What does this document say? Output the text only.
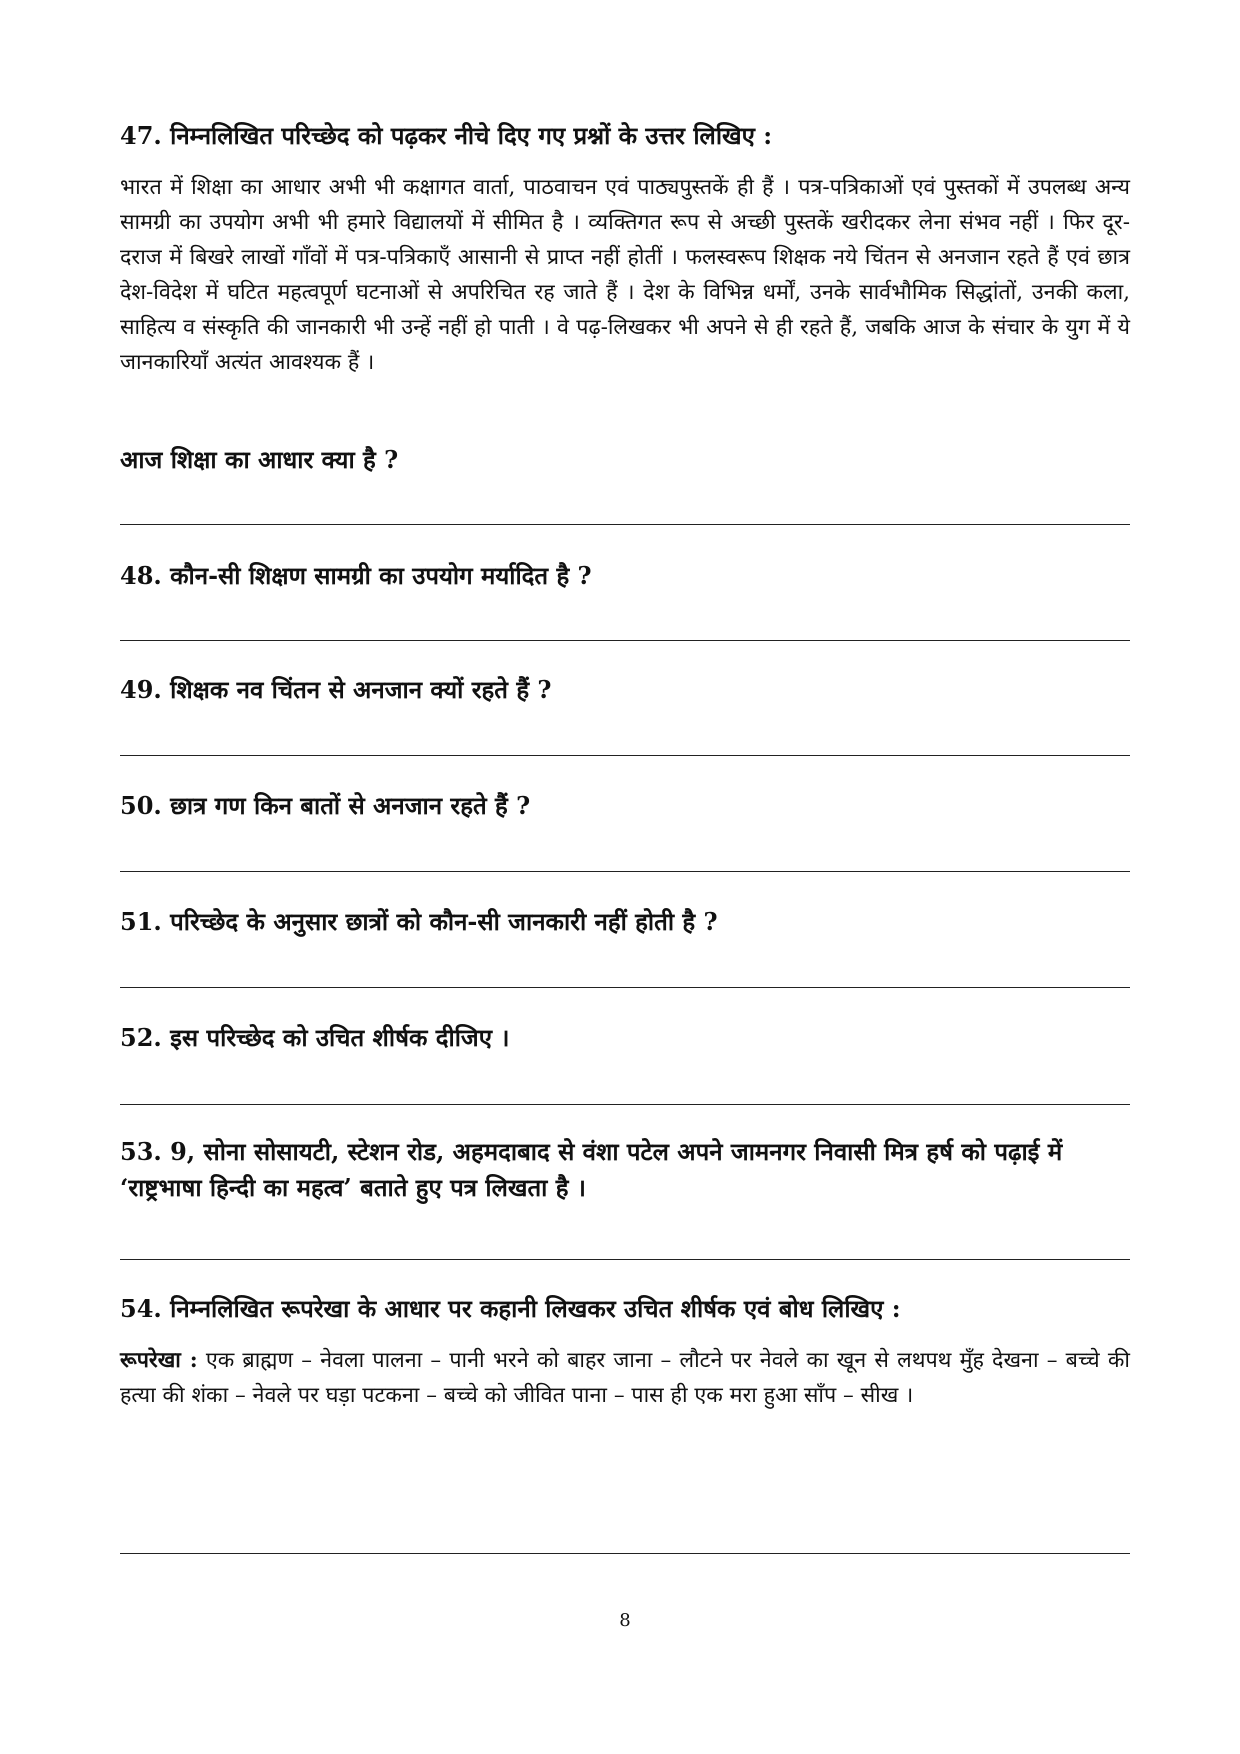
47. निम्नलिखित परिच्छेद को पढ़कर नीचे दिए गए प्रश्नों के उत्तर लिखिए :
भारत में शिक्षा का आधार अभी भी कक्षागत वार्ता, पाठवाचन एवं पाठ्यपुस्तकें ही हैं । पत्र-पत्रिकाओं एवं पुस्तकों में उपलब्ध अन्य सामग्री का उपयोग अभी भी हमारे विद्यालयों में सीमित है । व्यक्तिगत रूप से अच्छी पुस्तकें खरीदकर लेना संभव नहीं । फिर दूर-दराज में बिखरे लाखों गाँवों में पत्र-पत्रिकाएँ आसानी से प्राप्त नहीं होतीं । फलस्वरूप शिक्षक नये चिंतन से अनजान रहते हैं एवं छात्र देश-विदेश में घटित महत्वपूर्ण घटनाओं से अपरिचित रह जाते हैं । देश के विभिन्न धर्मों, उनके सार्वभौमिक सिद्धांतों, उनकी कला, साहित्य व संस्कृति की जानकारी भी उन्हें नहीं हो पाती । वे पढ़-लिखकर भी अपने से ही रहते हैं, जबकि आज के संचार के युग में ये जानकारियाँ अत्यंत आवश्यक हैं ।
आज शिक्षा का आधार क्या है ?
48. कौन-सी शिक्षण सामग्री का उपयोग मर्यादित है ?
49. शिक्षक नव चिंतन से अनजान क्यों रहते हैं ?
50. छात्र गण किन बातों से अनजान रहते हैं ?
51. परिच्छेद के अनुसार छात्रों को कौन-सी जानकारी नहीं होती है ?
52. इस परिच्छेद को उचित शीर्षक दीजिए ।
53. 9, सोना सोसायटी, स्टेशन रोड, अहमदाबाद से वंशा पटेल अपने जामनगर निवासी मित्र हर्ष को पढ़ाई में ‘राष्ट्रभाषा हिन्दी का महत्व’ बताते हुए पत्र लिखता है ।
54. निम्नलिखित रूपरेखा के आधार पर कहानी लिखकर उचित शीर्षक एवं बोध लिखिए :
रूपरेखा : एक ब्राह्मण – नेवला पालना – पानी भरने को बाहर जाना – लौटने पर नेवले का खून से लथपथ मुँह देखना – बच्चे की हत्या की शंका – नेवले पर घड़ा पटकना – बच्चे को जीवित पाना – पास ही एक मरा हुआ साँप – सीख ।
8
